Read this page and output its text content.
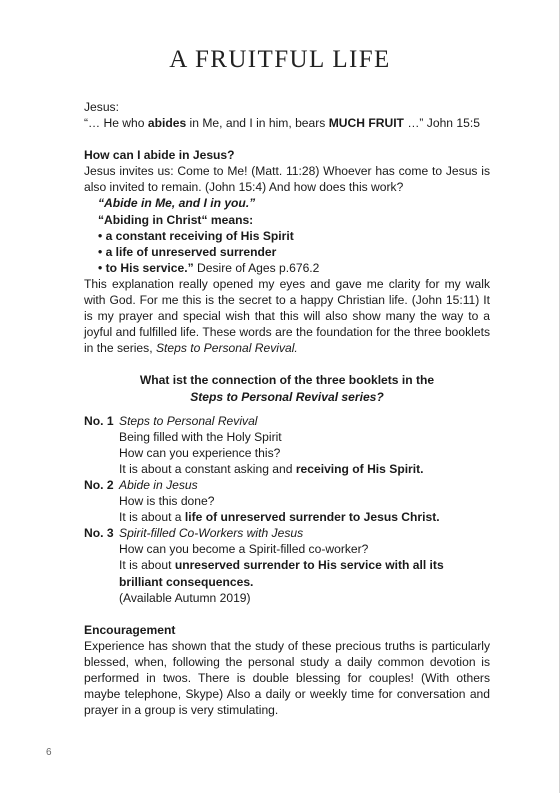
A FRUITFUL LIFE

Jesus:

“… He who abides in Me, and I in him, bears MUCH FRUIT …” John 15:5

How can I abide in Jesus?

Jesus invites us: Come to Me! (Matt. 11:28) Whoever has come to Jesus is also invited to remain. (John 15:4) And how does this work?

“Abide in Me, and I in you.”

“Abiding in Christ“ means:

• a constant receiving of His Spirit

• a life of unreserved surrender

• to His service.” Desire of Ages p.676.2

This explanation really opened my eyes and gave me clarity for my walk with God. For me this is the secret to a happy Christian life. (John 15:11) It is my prayer and special wish that this will also show many the way to a joyful and fulfilled life. These words are the foundation for the three booklets in the series, Steps to Personal Revival.

What ist the connection of the three booklets in the

Steps to Personal Revival series?

No. 1 Steps to Personal Revival

Being filled with the Holy Spirit

How can you experience this?

It is about a constant asking and receiving of His Spirit.

No. 2 Abide in Jesus

How is this done?

It is about a life of unreserved surrender to Jesus Christ.

No. 3 Spirit-filled Co-Workers with Jesus

How can you become a Spirit-filled co-worker?

It is about unreserved surrender to His service with all its

brilliant consequences.

(Available Autumn 2019)

Encouragement

Experience has shown that the study of these precious truths is particularly blessed, when, following the personal study a daily common devotion is performed in twos. There is double blessing for couples! (With others maybe telephone, Skype) Also a daily or weekly time for conversation and prayer in a group is very stimulating.

6
